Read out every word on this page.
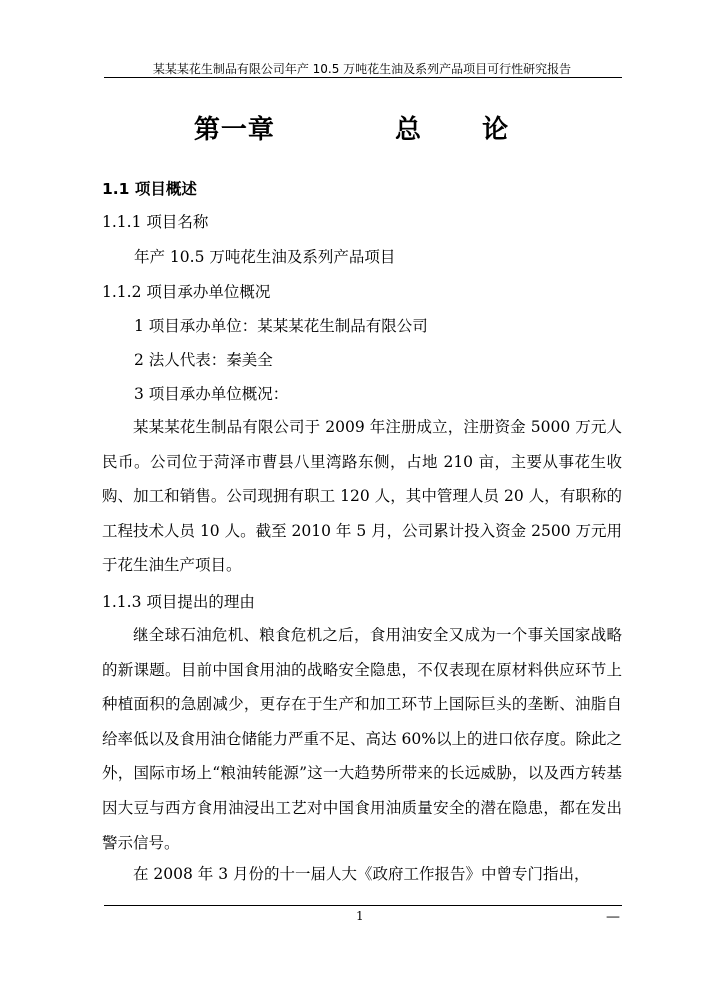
某某某花生制品有限公司年产 10.5 万吨花生油及系列产品项目可行性研究报告
第一章    总  论
1.1 项目概述
1.1.1 项目名称
年产 10.5 万吨花生油及系列产品项目
1.1.2 项目承办单位概况
1 项目承办单位：某某某花生制品有限公司
2 法人代表：秦美全
3 项目承办单位概况：
某某某花生制品有限公司于 2009 年注册成立，注册资金 5000 万元人民币。公司位于菏泽市曹县八里湾路东侧，占地 210 亩，主要从事花生收购、加工和销售。公司现拥有职工 120 人，其中管理人员 20 人，有职称的工程技术人员 10 人。截至 2010 年 5 月，公司累计投入资金 2500 万元用于花生油生产项目。
1.1.3 项目提出的理由
继全球石油危机、粮食危机之后，食用油安全又成为一个事关国家战略的新课题。目前中国食用油的战略安全隐患，不仅表现在原材料供应环节上种植面积的急剧减少，更存在于生产和加工环节上国际巨头的垄断、油脂自给率低以及食用油仓储能力严重不足、高达 60%以上的进口依存度。除此之外，国际市场上“粮油转能源”这一大趋势所带来的长远威胁，以及西方转基因大豆与西方食用油浸出工艺对中国食用油质量安全的潜在隐患，都在发出警示信号。
在 2008 年 3 月份的十一届人大《政府工作报告》中曾专门指出，
1	—
